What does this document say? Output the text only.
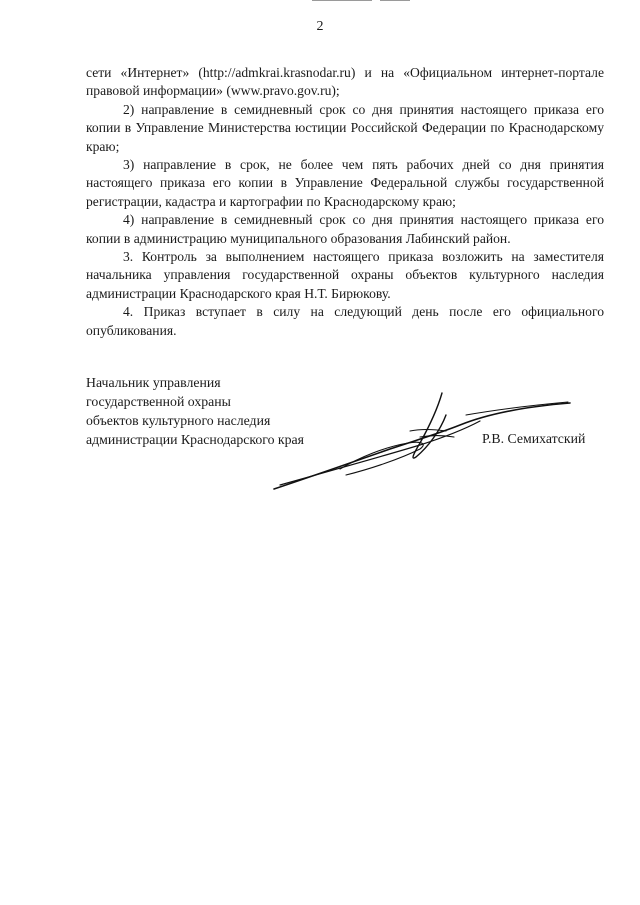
2

сети «Интернет» (http://admkrai.krasnodar.ru) и на «Официальном интернет-портале правовой информации» (www.pravo.gov.ru);

2) направление в семидневный срок со дня принятия настоящего приказа его копии в Управление Министерства юстиции Российской Федерации по Краснодарскому краю;

3) направление в срок, не более чем пять рабочих дней со дня принятия настоящего приказа его копии в Управление Федеральной службы государственной регистрации, кадастра и картографии по Краснодарскому краю;

4) направление в семидневный срок со дня принятия настоящего приказа его копии в администрацию муниципального образования Лабинский район.

3. Контроль за выполнением настоящего приказа возложить на заместителя начальника управления государственной охраны объектов культурного наследия администрации Краснодарского края Н.Т. Бирюкову.

4. Приказ вступает в силу на следующий день после его официального опубликования.

Начальник управления
государственной охраны
объектов культурного наследия
администрации Краснодарского края	Р.В. Семихатский
